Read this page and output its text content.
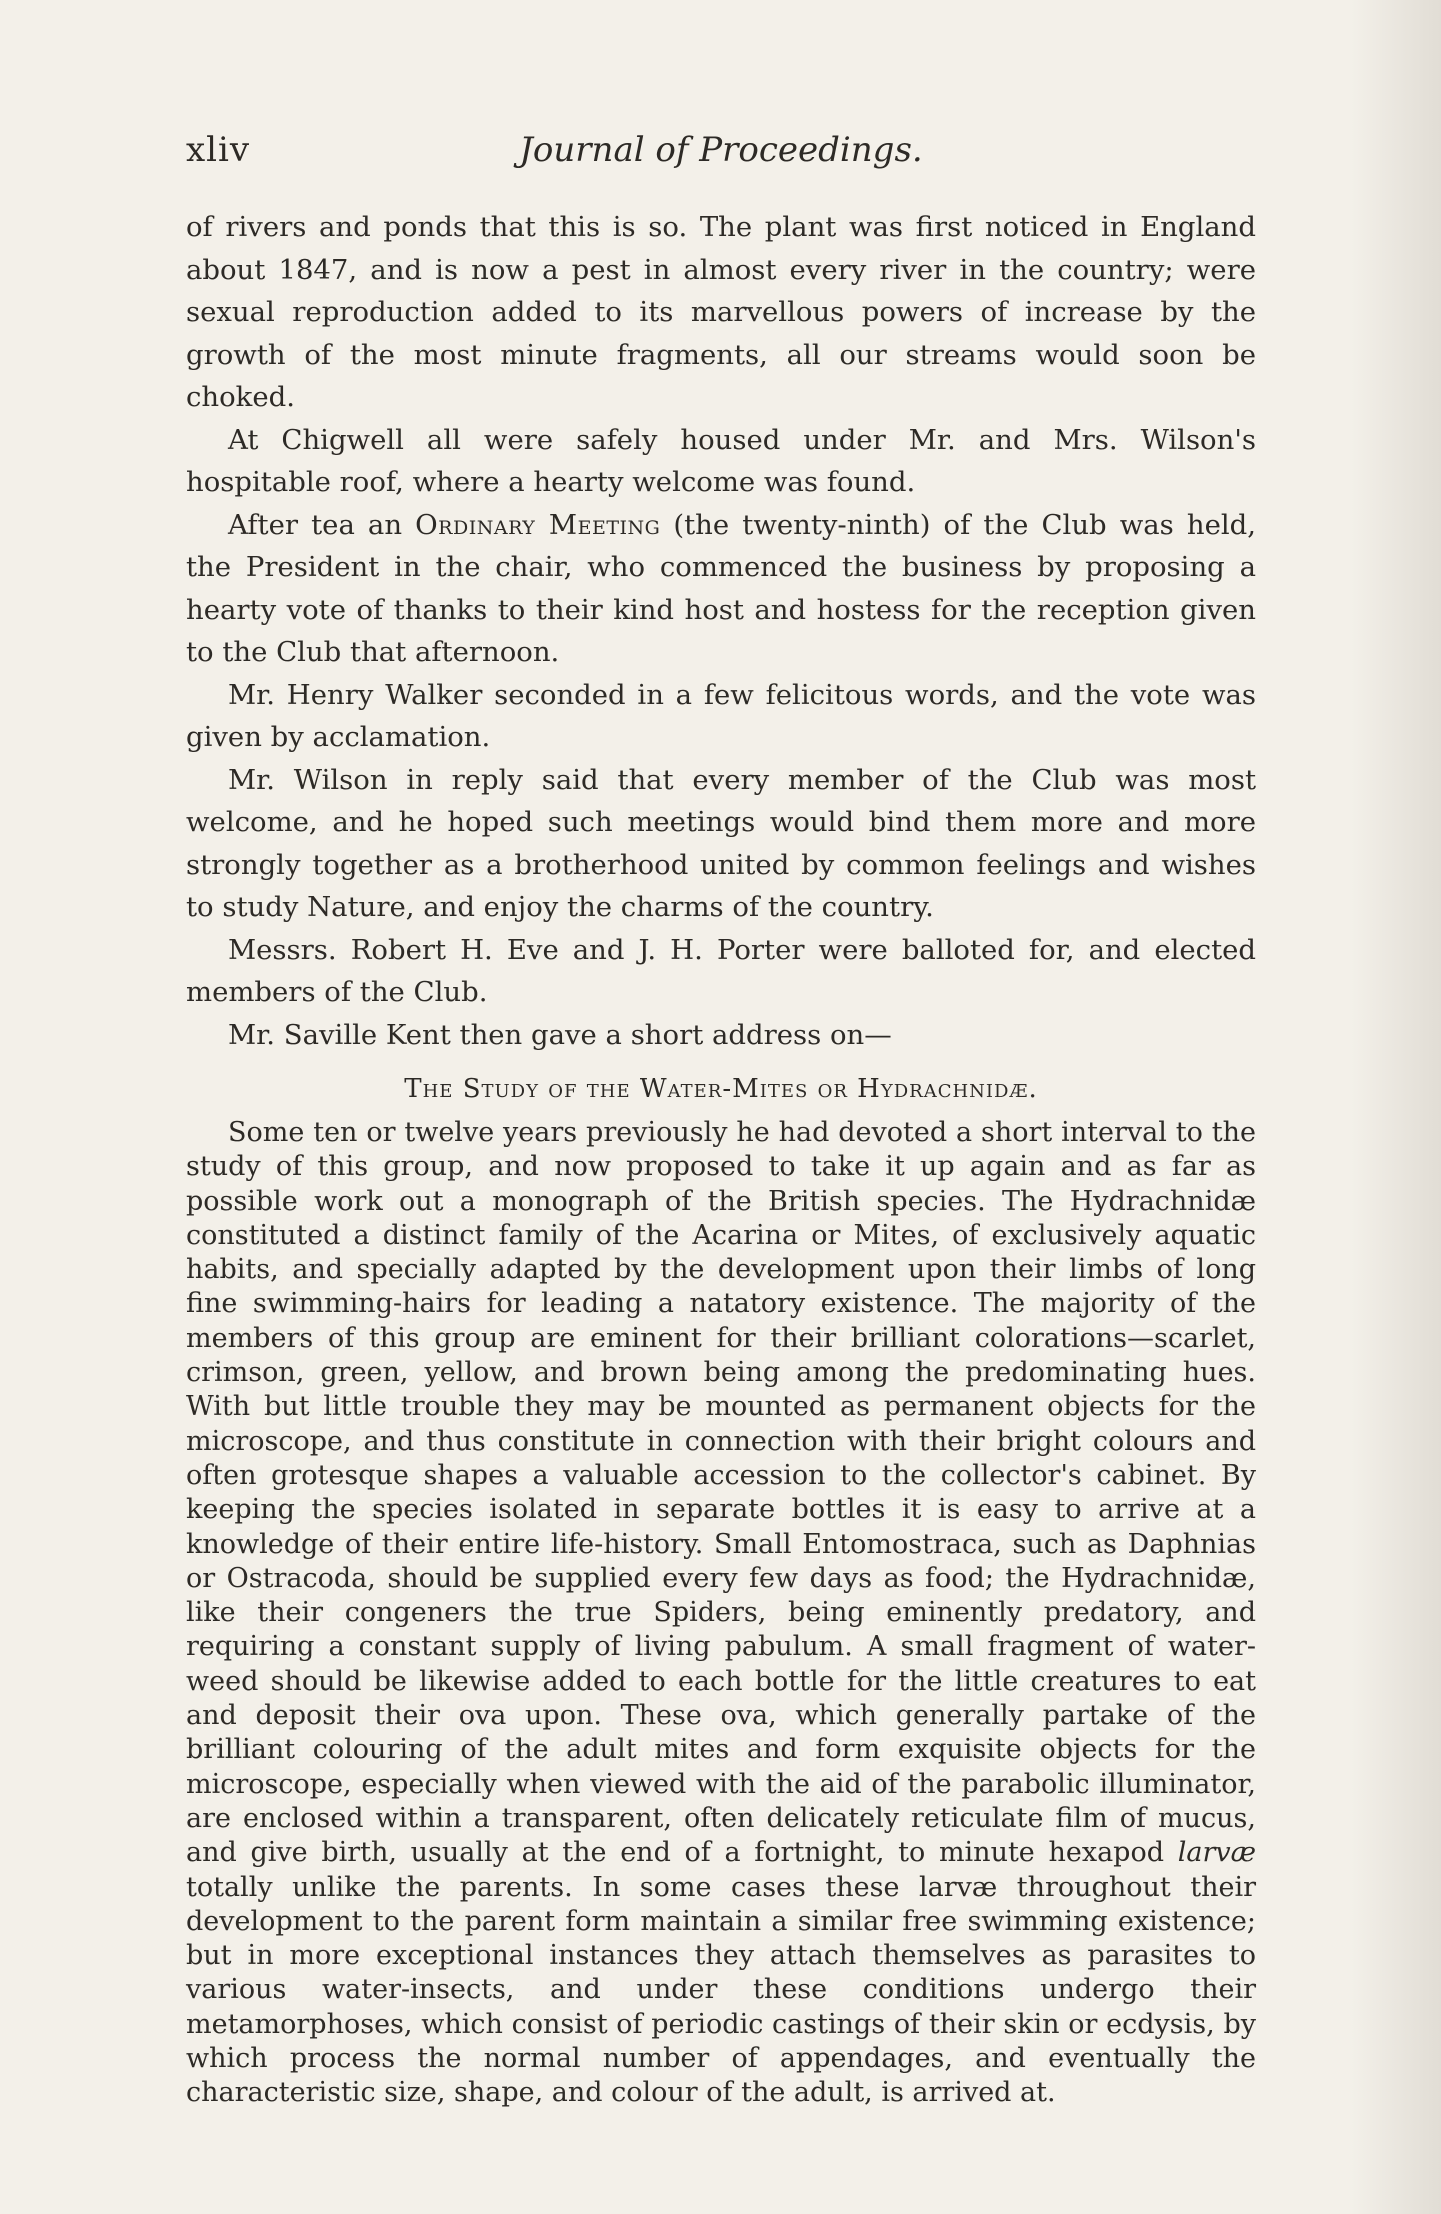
xliv	Journal of Proceedings.

of rivers and ponds that this is so. The plant was first noticed in England about 1847, and is now a pest in almost every river in the country; were sexual reproduction added to its marvellous powers of increase by the growth of the most minute fragments, all our streams would soon be choked.

At Chigwell all were safely housed under Mr. and Mrs. Wilson's hospitable roof, where a hearty welcome was found.

After tea an Ordinary Meeting (the twenty-ninth) of the Club was held, the President in the chair, who commenced the business by proposing a hearty vote of thanks to their kind host and hostess for the reception given to the Club that afternoon.

Mr. Henry Walker seconded in a few felicitous words, and the vote was given by acclamation.

Mr. Wilson in reply said that every member of the Club was most welcome, and he hoped such meetings would bind them more and more strongly together as a brotherhood united by common feelings and wishes to study Nature, and enjoy the charms of the country.

Messrs. Robert H. Eve and J. H. Porter were balloted for, and elected members of the Club.

Mr. Saville Kent then gave a short address on—

The Study of the Water-Mites or Hydrachnidæ.

Some ten or twelve years previously he had devoted a short interval to the study of this group, and now proposed to take it up again and as far as possible work out a monograph of the British species. The Hydrachnidæ constituted a distinct family of the Acarina or Mites, of exclusively aquatic habits, and specially adapted by the development upon their limbs of long fine swimming-hairs for leading a natatory existence. The majority of the members of this group are eminent for their brilliant colorations—scarlet, crimson, green, yellow, and brown being among the predominating hues. With but little trouble they may be mounted as permanent objects for the microscope, and thus constitute in connection with their bright colours and often grotesque shapes a valuable accession to the collector's cabinet. By keeping the species isolated in separate bottles it is easy to arrive at a knowledge of their entire life-history. Small Entomostraca, such as Daphnias or Ostracoda, should be supplied every few days as food; the Hydrachnidæ, like their congeners the true Spiders, being eminently predatory, and requiring a constant supply of living pabulum. A small fragment of water-weed should be likewise added to each bottle for the little creatures to eat and deposit their ova upon. These ova, which generally partake of the brilliant colouring of the adult mites and form exquisite objects for the microscope, especially when viewed with the aid of the parabolic illuminator, are enclosed within a transparent, often delicately reticulate film of mucus, and give birth, usually at the end of a fortnight, to minute hexapod larvæ totally unlike the parents. In some cases these larvæ throughout their development to the parent form maintain a similar free swimming existence; but in more exceptional instances they attach themselves as parasites to various water-insects, and under these conditions undergo their metamorphoses, which consist of periodic castings of their skin or ecdysis, by which process the normal number of appendages, and eventually the characteristic size, shape, and colour of the adult, is arrived at.
